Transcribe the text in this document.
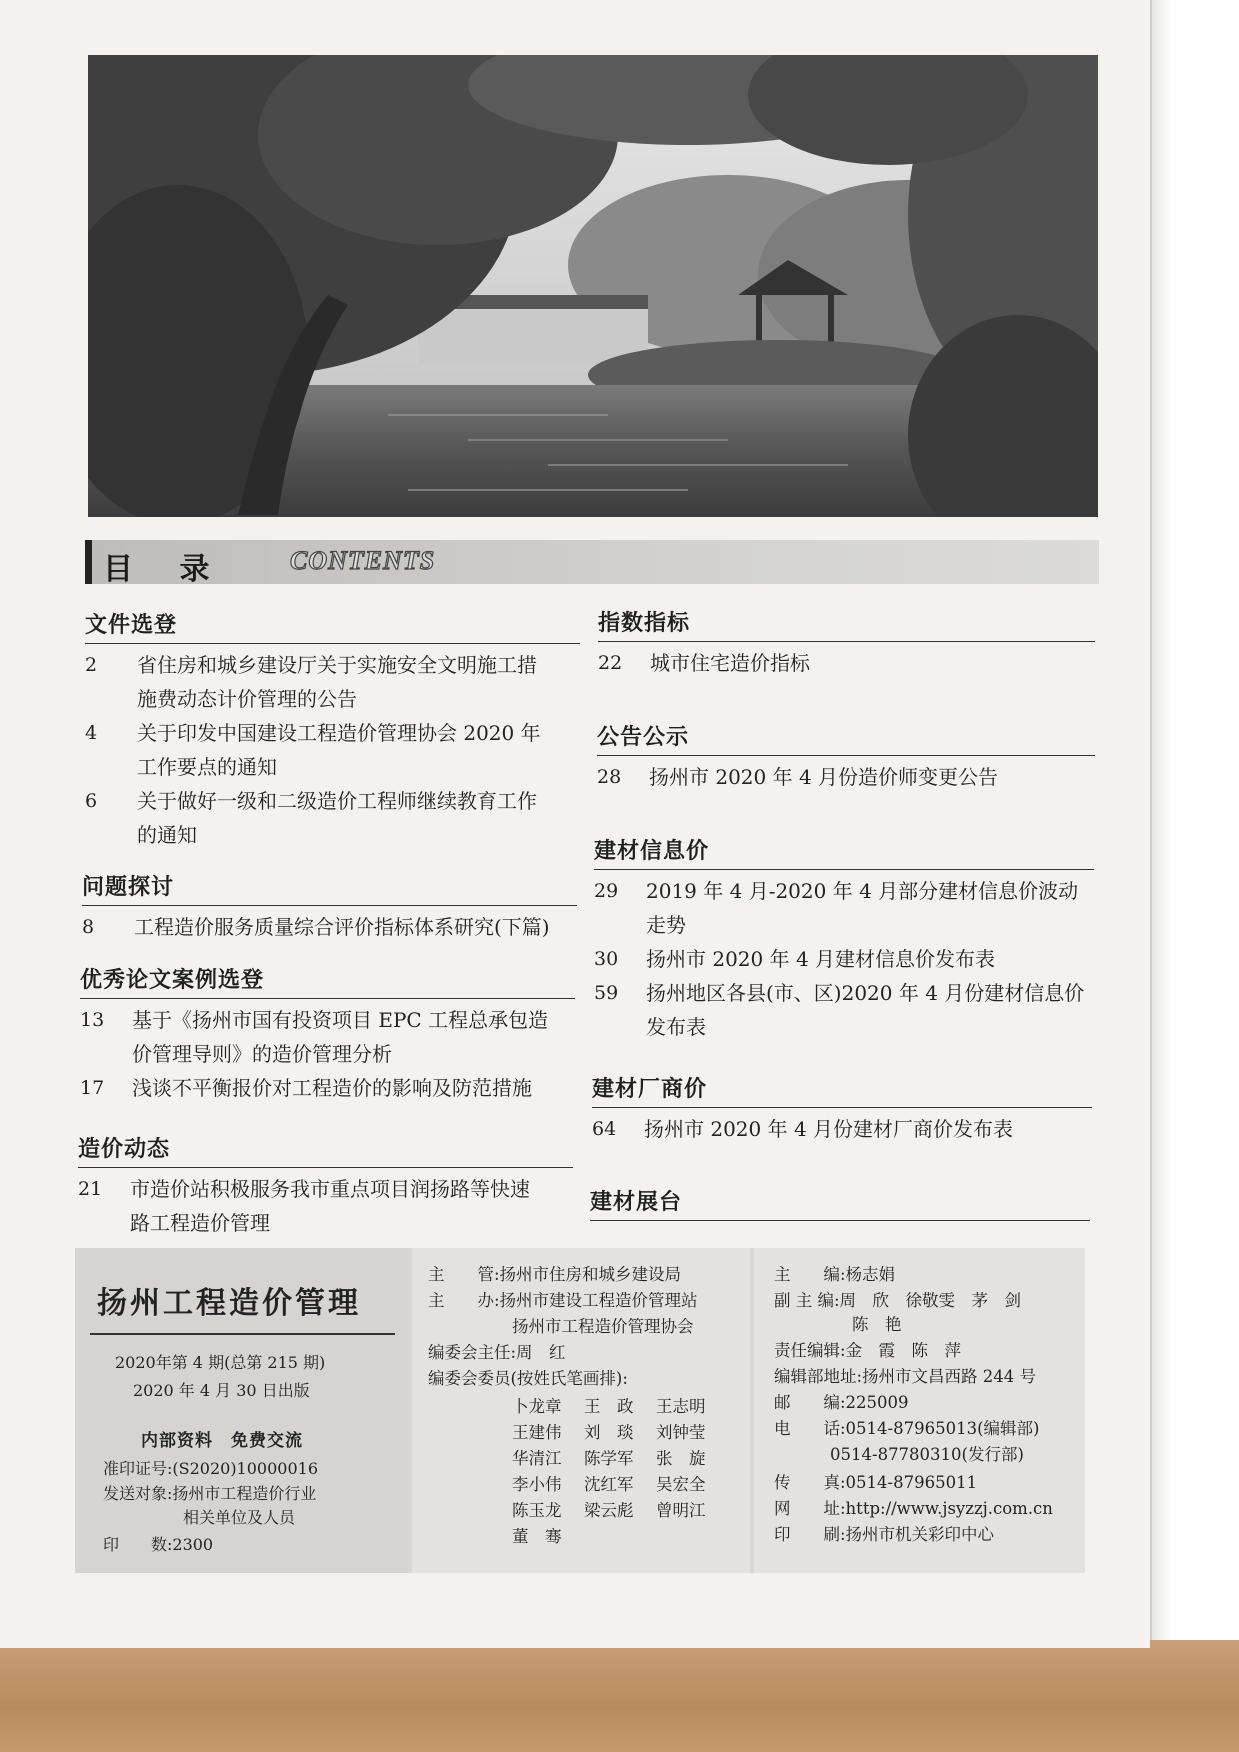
目 录 CONTENTS
文件选登
2	省住房和城乡建设厅关于实施安全文明施工措
施费动态计价管理的公告
4	关于印发中国建设工程造价管理协会 2020 年
工作要点的通知
6	关于做好一级和二级造价工程师继续教育工作
的通知
问题探讨
8	工程造价服务质量综合评价指标体系研究(下篇)
优秀论文案例选登
13	基于《扬州市国有投资项目 EPC 工程总承包造
价管理导则》的造价管理分析
17	浅谈不平衡报价对工程造价的影响及防范措施
造价动态
21	市造价站积极服务我市重点项目润扬路等快速
路工程造价管理
指数指标
22	城市住宅造价指标
公告公示
28	扬州市 2020 年 4 月份造价师变更公告
建材信息价
29	2019 年 4 月-2020 年 4 月部分建材信息价波动走势
30	扬州市 2020 年 4 月建材信息价发布表
59	扬州地区各县(市、区)2020 年 4 月份建材信息价
发布表
建材厂商价
64	扬州市 2020 年 4 月份建材厂商价发布表
建材展台
扬州工程造价管理
2020年第 4 期(总第 215 期)
2020 年 4 月 30 日出版
内部资料　免费交流
准印证号:(S2020)10000016
发送对象:扬州市工程造价行业
相关单位及人员
印　　数:2300
主　　管:扬州市住房和城乡建设局
主　　办:扬州市建设工程造价管理站
扬州市工程造价管理协会
编委会主任:周　红
编委会委员(按姓氏笔画排):
卜龙章	王　政	王志明
王建伟	刘　琰	刘钟莹
华清江	陈学军	张　旋
李小伟	沈红军	吴宏全
陈玉龙	梁云彪	曾明江
董　骞
主　　编:杨志娟
副 主 编:周　欣　徐敬雯　茅　剑
陈　艳
责任编辑:金　霞　陈　萍
编辑部地址:扬州市文昌西路 244 号
邮　　编:225009
电　　话:0514-87965013(编辑部)
0514-87780310(发行部)
传　　真:0514-87965011
网　　址:http://www.jsyzzj.com.cn
印　　刷:扬州市机关彩印中心
